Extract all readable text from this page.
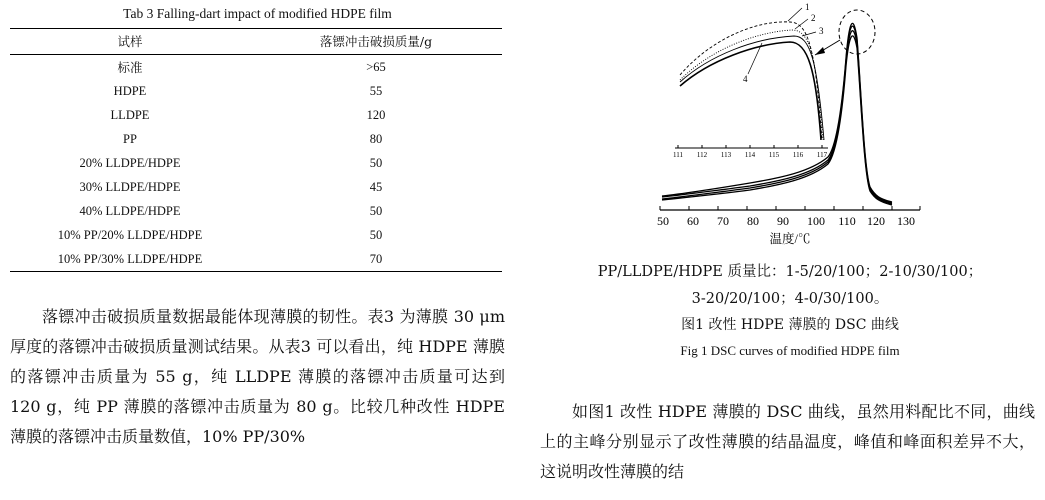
Tab 3 Falling-dart impact of modified HDPE film
试样	落镖冲击破损质量/g
标准	>65
HDPE	55
LLDPE	120
PP	80
20% LLDPE/HDPE	50
30% LLDPE/HDPE	45
40% LLDPE/HDPE	50
10% PP/20% LLDPE/HDPE	50
10% PP/30% LLDPE/HDPE	70

落镖冲击破损质量数据最能体现薄膜的韧性。表3 为薄膜 30 μm 厚度的落镖冲击破损质量测试结果。从表3 可以看出，纯 HDPE 薄膜的落镖冲击质量为 55 g，纯 LLDPE 薄膜的落镖冲击质量可达到 120 g，纯 PP 薄膜的落镖冲击质量为 80 g。比较几种改性 HDPE 薄膜的落镖冲击质量数值，10% PP/30%

50 60 70 80 90 100 110 120 130
温度/℃
111 112 113 114 115 116 117
1
2
3
4
PP/LLDPE/HDPE 质量比：1-5/20/100；2-10/30/100；
3-20/20/100；4-0/30/100。
图1 改性 HDPE 薄膜的 DSC 曲线
Fig 1 DSC curves of modified HDPE film

如图1 改性 HDPE 薄膜的 DSC 曲线，虽然用料配比不同，曲线上的主峰分别显示了改性薄膜的结晶温度，峰值和峰面积差异不大，这说明改性薄膜的结
